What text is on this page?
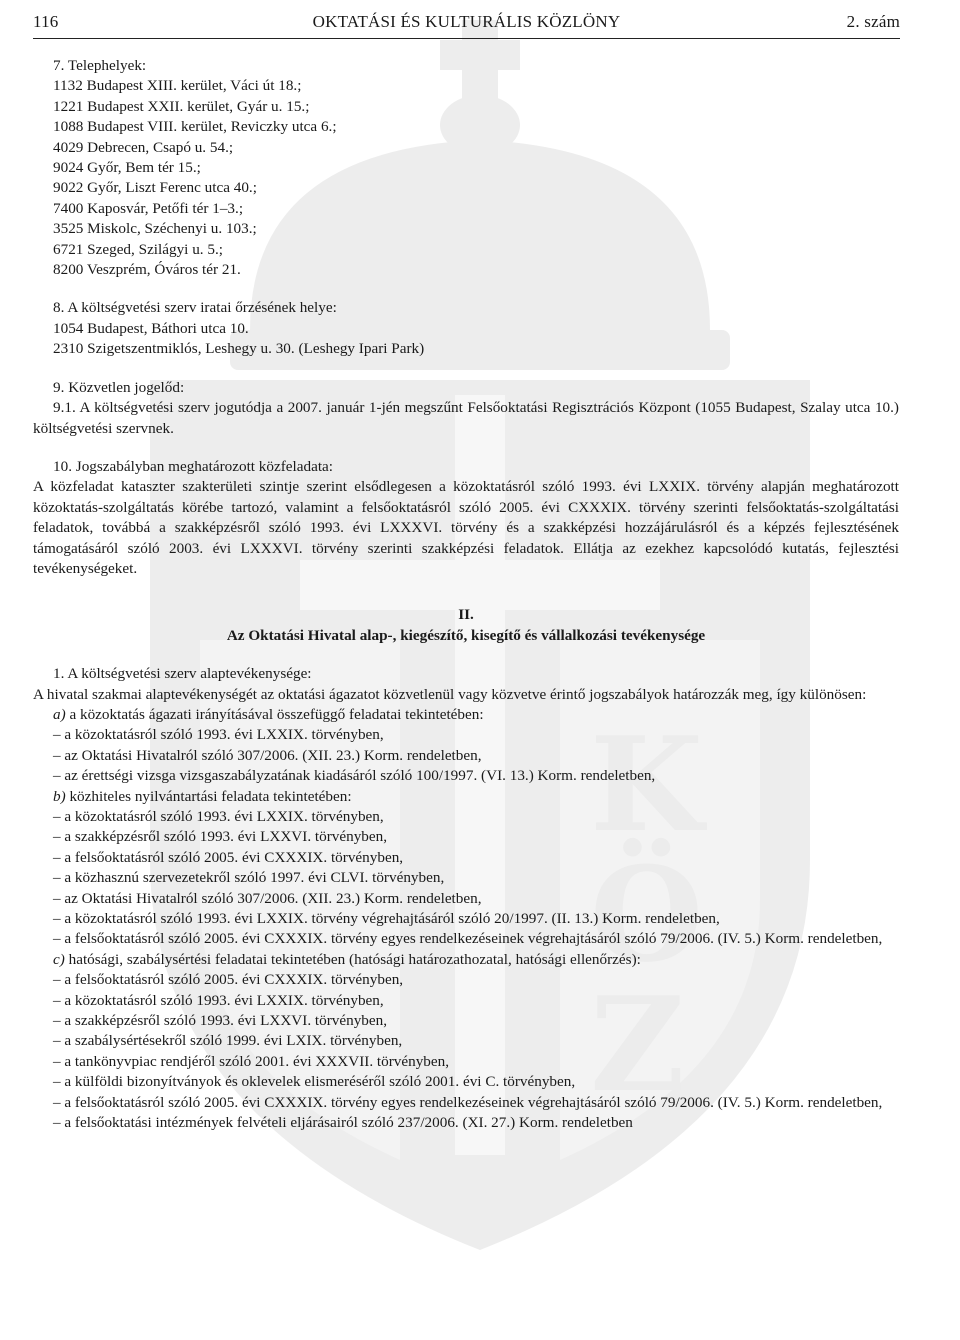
K
Ö
Z
116	OKTATÁSI ÉS KULTURÁLIS KÖZLÖNY	2. szám

7. Telephelyek:

1132 Budapest XIII. kerület, Váci út 18.;

1221 Budapest XXII. kerület, Gyár u. 15.;

1088 Budapest VIII. kerület, Reviczky utca 6.;

4029 Debrecen, Csapó u. 54.;

9024 Győr, Bem tér 15.;

9022 Győr, Liszt Ferenc utca 40.;

7400 Kaposvár, Petőfi tér 1–3.;

3525 Miskolc, Széchenyi u. 103.;

6721 Szeged, Szilágyi u. 5.;

8200 Veszprém, Óváros tér 21.

8. A költségvetési szerv iratai őrzésének helye:

1054 Budapest, Báthori utca 10.

2310 Szigetszentmiklós, Leshegy u. 30. (Leshegy Ipari Park)

9. Közvetlen jogelőd:

9.1. A költségvetési szerv jogutódja a 2007. január 1-jén megszűnt Felsőoktatási Regisztrációs Központ (1055 Budapest, Szalay utca 10.) költségvetési szervnek.

10. Jogszabályban meghatározott közfeladata:

A közfeladat kataszter szakterületi szintje szerint elsődlegesen a közoktatásról szóló 1993. évi LXXIX. törvény alapján meghatározott közoktatás-szolgáltatás körébe tartozó, valamint a felsőoktatásról szóló 2005. évi CXXXIX. törvény szerinti felsőoktatás-szolgáltatási feladatok, továbbá a szakképzésről szóló 1993. évi LXXXVI. törvény és a szakképzési hozzájárulásról és a képzés fejlesztésének támogatásáról szóló 2003. évi LXXXVI. törvény szerinti szakképzési feladatok. Ellátja az ezekhez kapcsolódó kutatás, fejlesztési tevékenységeket.

II.

Az Oktatási Hivatal alap-, kiegészítő, kisegítő és vállalkozási tevékenysége

1. A költségvetési szerv alaptevékenysége:

A hivatal szakmai alaptevékenységét az oktatási ágazatot közvetlenül vagy közvetve érintő jogszabályok határozzák meg, így különösen:

a) a közoktatás ágazati irányításával összefüggő feladatai tekintetében:

– a közoktatásról szóló 1993. évi LXXIX. törvényben,

– az Oktatási Hivatalról szóló 307/2006. (XII. 23.) Korm. rendeletben,

– az érettségi vizsga vizsgaszabályzatának kiadásáról szóló 100/1997. (VI. 13.) Korm. rendeletben,

b) közhiteles nyilvántartási feladata tekintetében:

– a közoktatásról szóló 1993. évi LXXIX. törvényben,

– a szakképzésről szóló 1993. évi LXXVI. törvényben,

– a felsőoktatásról szóló 2005. évi CXXXIX. törvényben,

– a közhasznú szervezetekről szóló 1997. évi CLVI. törvényben,

– az Oktatási Hivatalról szóló 307/2006. (XII. 23.) Korm. rendeletben,

– a közoktatásról szóló 1993. évi LXXIX. törvény végrehajtásáról szóló 20/1997. (II. 13.) Korm. rendeletben,

– a felsőoktatásról szóló 2005. évi CXXXIX. törvény egyes rendelkezéseinek végrehajtásáról szóló 79/2006. (IV. 5.) Korm. rendeletben,

c) hatósági, szabálysértési feladatai tekintetében (hatósági határozathozatal, hatósági ellenőrzés):

– a felsőoktatásról szóló 2005. évi CXXXIX. törvényben,

– a közoktatásról szóló 1993. évi LXXIX. törvényben,

– a szakképzésről szóló 1993. évi LXXVI. törvényben,

– a szabálysértésekről szóló 1999. évi LXIX. törvényben,

– a tankönyvpiac rendjéről szóló 2001. évi XXXVII. törvényben,

– a külföldi bizonyítványok és oklevelek elismeréséről szóló 2001. évi C. törvényben,

– a felsőoktatásról szóló 2005. évi CXXXIX. törvény egyes rendelkezéseinek végrehajtásáról szóló 79/2006. (IV. 5.) Korm. rendeletben,

– a felsőoktatási intézmények felvételi eljárásairól szóló 237/2006. (XI. 27.) Korm. rendeletben
